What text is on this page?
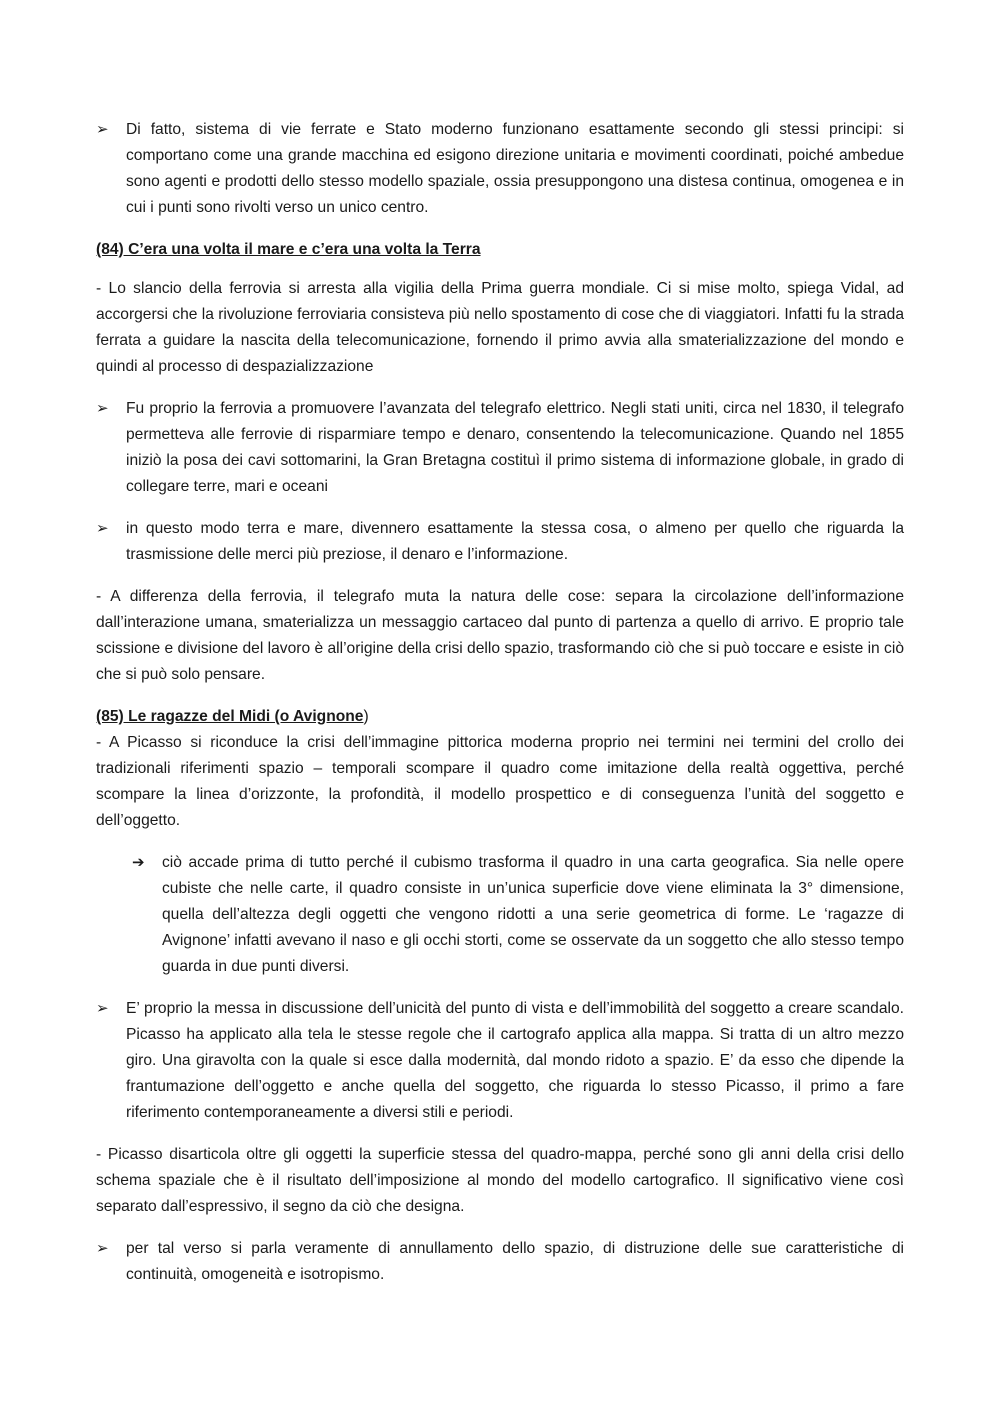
➢	Di fatto, sistema di vie ferrate e Stato moderno funzionano esattamente secondo gli stessi principi: si comportano come una grande macchina ed esigono direzione unitaria e movimenti coordinati, poiché ambedue sono agenti e prodotti dello stesso modello spaziale, ossia presuppongono una distesa continua, omogenea e in cui i punti sono rivolti verso un unico centro.
(84) C’era una volta il mare e c’era una volta la Terra

- Lo slancio della ferrovia si arresta alla vigilia della Prima guerra mondiale. Ci si mise molto, spiega Vidal, ad accorgersi che la rivoluzione ferroviaria consisteva più nello spostamento di cose che di viaggiatori. Infatti fu la strada ferrata a guidare la nascita della telecomunicazione, fornendo il primo avvia alla smaterializzazione del mondo e quindi al processo di despazializzazione

➢	Fu proprio la ferrovia a promuovere l’avanzata del telegrafo elettrico. Negli stati uniti, circa nel 1830, il telegrafo permetteva alle ferrovie di risparmiare tempo e denaro, consentendo la telecomunicazione. Quando nel 1855 iniziò la posa dei cavi sottomarini, la Gran Bretagna costituì il primo sistema di informazione globale, in grado di collegare terre, mari e oceani
➢	in questo modo terra e mare, divennero esattamente la stessa cosa, o almeno per quello che riguarda la trasmissione delle merci più preziose, il denaro e l’informazione.

- A differenza della ferrovia, il telegrafo muta la natura delle cose: separa la circolazione dell’informazione dall’interazione umana, smaterializza un messaggio cartaceo dal punto di partenza a quello di arrivo. E proprio tale scissione e divisione del lavoro è all’origine della crisi dello spazio, trasformando ciò che si può toccare e esiste in ciò che si può solo pensare.

(85) Le ragazze del Midi (o Avignone)

- A Picasso si riconduce la crisi dell’immagine pittorica moderna proprio nei termini nei termini del crollo dei tradizionali riferimenti spazio – temporali scompare il quadro come imitazione della realtà oggettiva, perché scompare la linea d’orizzonte, la profondità, il modello prospettico e di conseguenza l’unità del soggetto e dell’oggetto.

➔	ciò accade prima di tutto perché il cubismo trasforma il quadro in una carta geografica. Sia nelle opere cubiste che nelle carte, il quadro consiste in un’unica superficie dove viene eliminata la 3° dimensione, quella dell’altezza degli oggetti che vengono ridotti a una serie geometrica di forme. Le ‘ragazze di Avignone’ infatti avevano il naso e gli occhi storti, come se osservate da un soggetto che allo stesso tempo guarda in due punti diversi.
➢	E’ proprio la messa in discussione dell’unicità del punto di vista e dell’immobilità del soggetto a creare scandalo. Picasso ha applicato alla tela le stesse regole che il cartografo applica alla mappa. Si tratta di un altro mezzo giro. Una giravolta con la quale si esce dalla modernità, dal mondo ridoto a spazio. E’ da esso che dipende la frantumazione dell’oggetto e anche quella del soggetto, che riguarda lo stesso Picasso, il primo a fare riferimento contemporaneamente a diversi stili e periodi.

- Picasso disarticola oltre gli oggetti la superficie stessa del quadro-mappa, perché sono gli anni della crisi dello schema spaziale che è il risultato dell’imposizione al mondo del modello cartografico. Il significativo viene così separato dall’espressivo, il segno da ciò che designa.

➢	per tal verso si parla veramente di annullamento dello spazio, di distruzione delle sue caratteristiche di continuità, omogeneità e isotropismo.
